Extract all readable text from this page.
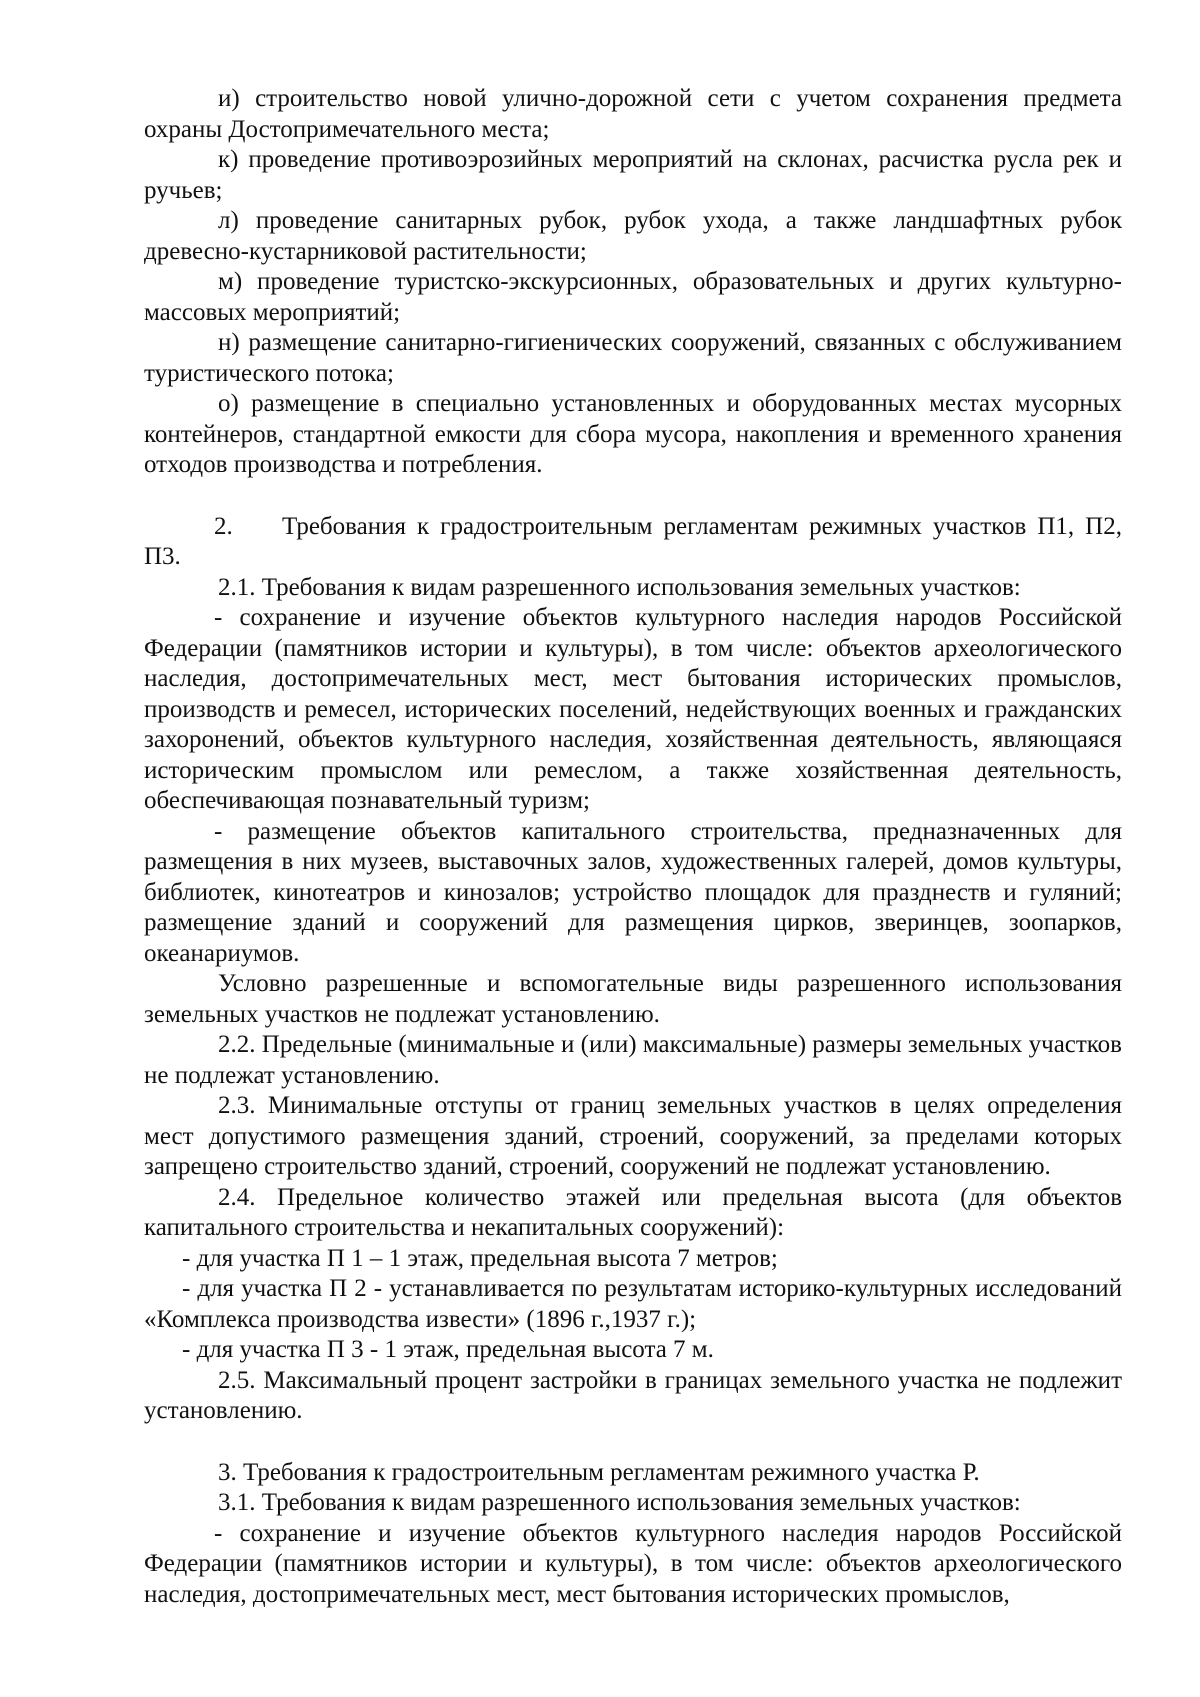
и) строительство новой улично-дорожной сети с учетом сохранения предмета охраны Достопримечательного места;

к) проведение противоэрозийных мероприятий на склонах, расчистка русла рек и ручьев;

л) проведение санитарных рубок, рубок ухода, а также ландшафтных рубок древесно-кустарниковой растительности;

м) проведение туристско-экскурсионных, образовательных и других культурно-массовых мероприятий;

н) размещение санитарно-гигиенических сооружений, связанных с обслуживанием туристического потока;

о) размещение в специально установленных и оборудованных местах мусорных контейнеров, стандартной емкости для сбора мусора, накопления и временного хранения отходов производства и потребления.

2. Требования к градостроительным регламентам режимных участков П1, П2, П3.

2.1. Требования к видам разрешенного использования земельных участков:

- сохранение и изучение объектов культурного наследия народов Российской Федерации (памятников истории и культуры), в том числе: объектов археологического наследия, достопримечательных мест, мест бытования исторических промыслов, производств и ремесел, исторических поселений, недействующих военных и гражданских захоронений, объектов культурного наследия, хозяйственная деятельность, являющаяся историческим промыслом или ремеслом, а также хозяйственная деятельность, обеспечивающая познавательный туризм;

- размещение объектов капитального строительства, предназначенных для размещения в них музеев, выставочных залов, художественных галерей, домов культуры, библиотек, кинотеатров и кинозалов; устройство площадок для празднеств и гуляний; размещение зданий и сооружений для размещения цирков, зверинцев, зоопарков, океанариумов.

Условно разрешенные и вспомогательные виды разрешенного использования земельных участков не подлежат установлению.

2.2. Предельные (минимальные и (или) максимальные) размеры земельных участков не подлежат установлению.

2.3. Минимальные отступы от границ земельных участков в целях определения мест допустимого размещения зданий, строений, сооружений, за пределами которых запрещено строительство зданий, строений, сооружений не подлежат установлению.

2.4. Предельное количество этажей или предельная высота (для объектов капитального строительства и некапитальных сооружений):

- для участка П 1 – 1 этаж, предельная высота 7 метров;

- для участка П 2 - устанавливается по результатам историко-культурных исследований «Комплекса производства извести» (1896 г.,1937 г.);

- для участка П 3 - 1 этаж, предельная высота 7 м.

2.5. Максимальный процент застройки в границах земельного участка не подлежит установлению.

3. Требования к градостроительным регламентам режимного участка Р.

3.1. Требования к видам разрешенного использования земельных участков:

- сохранение и изучение объектов культурного наследия народов Российской Федерации (памятников истории и культуры), в том числе: объектов археологического наследия, достопримечательных мест, мест бытования исторических промыслов,
